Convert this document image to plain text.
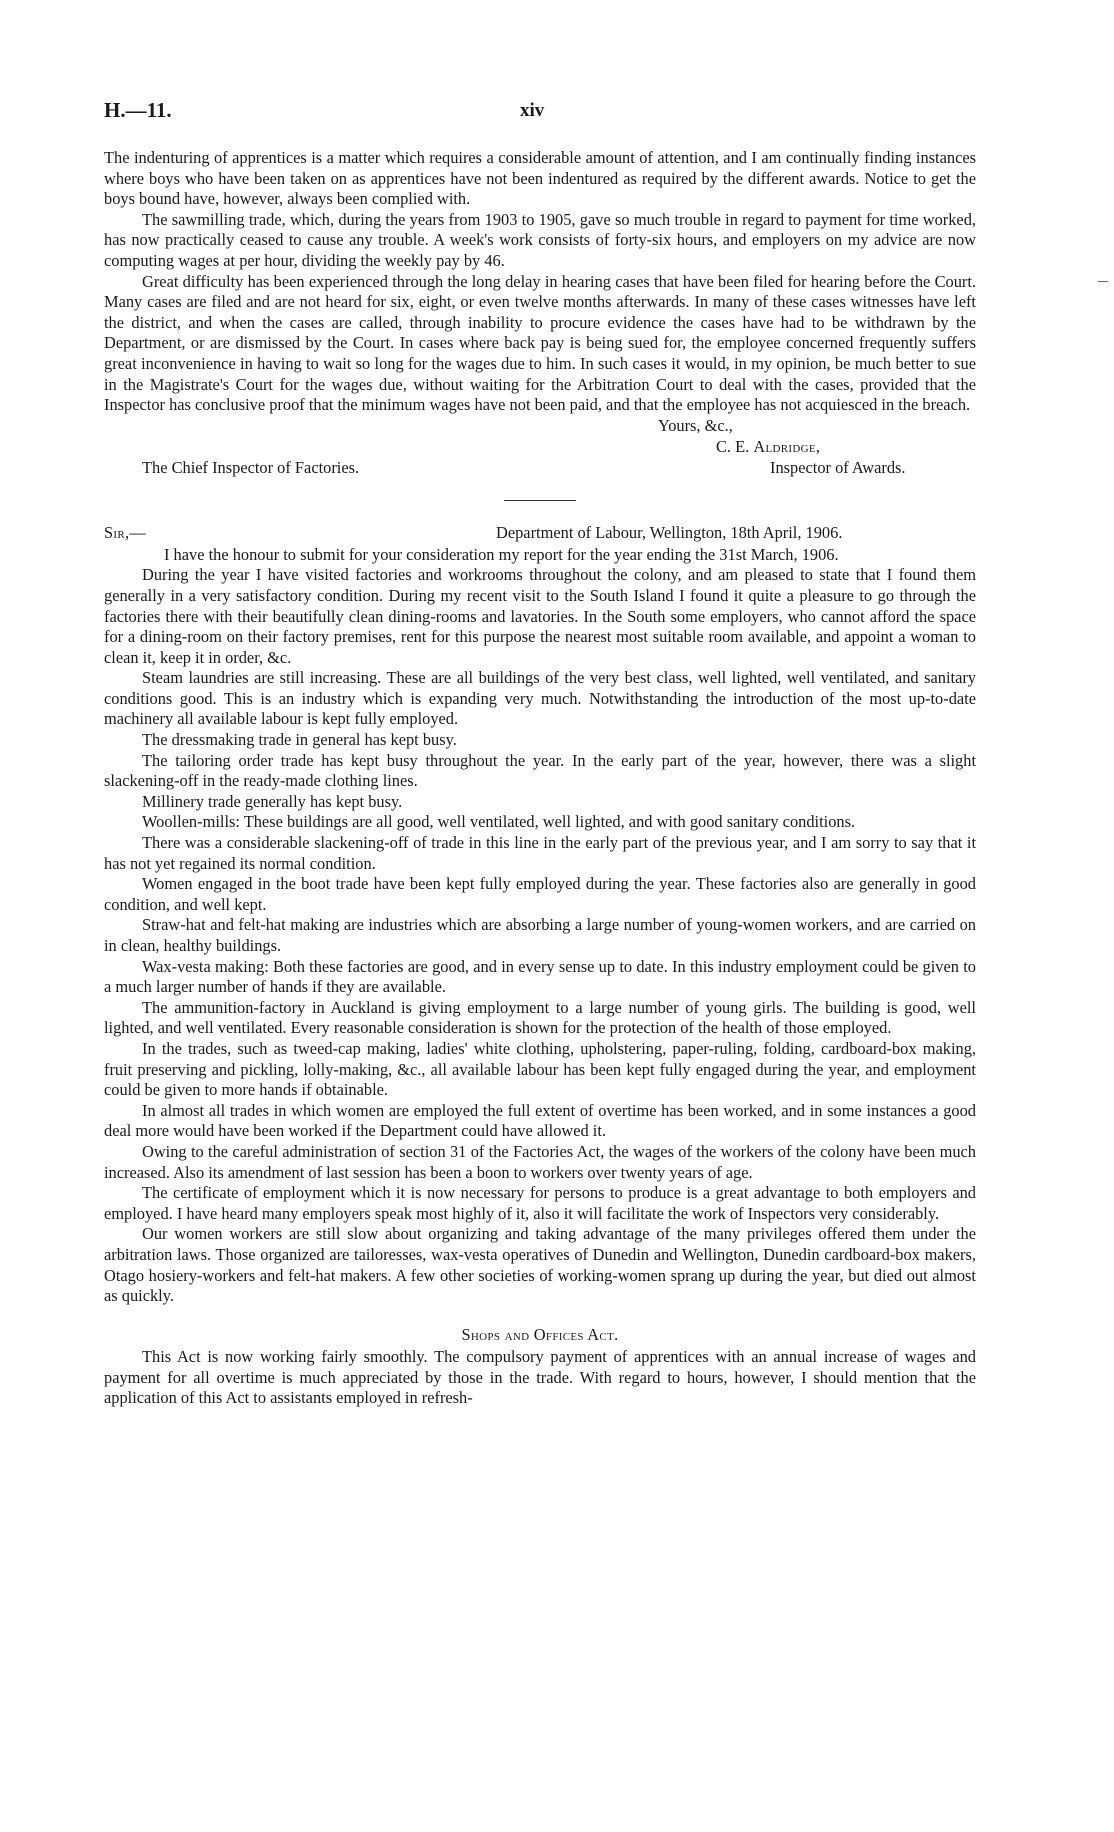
H.—11.	xiv

The indenturing of apprentices is a matter which requires a considerable amount of attention, and I am continually finding instances where boys who have been taken on as apprentices have not been indentured as required by the different awards. Notice to get the boys bound have, however, always been complied with.

The sawmilling trade, which, during the years from 1903 to 1905, gave so much trouble in regard to payment for time worked, has now practically ceased to cause any trouble. A week's work consists of forty-six hours, and employers on my advice are now computing wages at per hour, dividing the weekly pay by 46.

Great difficulty has been experienced through the long delay in hearing cases that have been filed for hearing before the Court. Many cases are filed and are not heard for six, eight, or even twelve months afterwards. In many of these cases witnesses have left the district, and when the cases are called, through inability to procure evidence the cases have had to be withdrawn by the Department, or are dismissed by the Court. In cases where back pay is being sued for, the employee concerned frequently suffers great inconvenience in having to wait so long for the wages due to him. In such cases it would, in my opinion, be much better to sue in the Magistrate's Court for the wages due, without waiting for the Arbitration Court to deal with the cases, provided that the Inspector has conclusive proof that the minimum wages have not been paid, and that the employee has not acquiesced in the breach.

Yours, &c.,
C. E. Aldridge,
The Chief Inspector of Factories.	Inspector of Awards.
Sir,—	Department of Labour, Wellington, 18th April, 1906.

I have the honour to submit for your consideration my report for the year ending the 31st March, 1906.

During the year I have visited factories and workrooms throughout the colony, and am pleased to state that I found them generally in a very satisfactory condition. During my recent visit to the South Island I found it quite a pleasure to go through the factories there with their beautifully clean dining-rooms and lavatories. In the South some employers, who cannot afford the space for a dining-room on their factory premises, rent for this purpose the nearest most suitable room available, and appoint a woman to clean it, keep it in order, &c.

Steam laundries are still increasing. These are all buildings of the very best class, well lighted, well ventilated, and sanitary conditions good. This is an industry which is expanding very much. Notwithstanding the introduction of the most up-to-date machinery all available labour is kept fully employed.

The dressmaking trade in general has kept busy.

The tailoring order trade has kept busy throughout the year. In the early part of the year, however, there was a slight slackening-off in the ready-made clothing lines.

Millinery trade generally has kept busy.

Woollen-mills: These buildings are all good, well ventilated, well lighted, and with good sanitary conditions.

There was a considerable slackening-off of trade in this line in the early part of the previous year, and I am sorry to say that it has not yet regained its normal condition.

Women engaged in the boot trade have been kept fully employed during the year. These factories also are generally in good condition, and well kept.

Straw-hat and felt-hat making are industries which are absorbing a large number of young-women workers, and are carried on in clean, healthy buildings.

Wax-vesta making: Both these factories are good, and in every sense up to date. In this industry employment could be given to a much larger number of hands if they are available.

The ammunition-factory in Auckland is giving employment to a large number of young girls. The building is good, well lighted, and well ventilated. Every reasonable consideration is shown for the protection of the health of those employed.

In the trades, such as tweed-cap making, ladies' white clothing, upholstering, paper-ruling, folding, cardboard-box making, fruit preserving and pickling, lolly-making, &c., all available labour has been kept fully engaged during the year, and employment could be given to more hands if obtainable.

In almost all trades in which women are employed the full extent of overtime has been worked, and in some instances a good deal more would have been worked if the Department could have allowed it.

Owing to the careful administration of section 31 of the Factories Act, the wages of the workers of the colony have been much increased. Also its amendment of last session has been a boon to workers over twenty years of age.

The certificate of employment which it is now necessary for persons to produce is a great advantage to both employers and employed. I have heard many employers speak most highly of it, also it will facilitate the work of Inspectors very considerably.

Our women workers are still slow about organizing and taking advantage of the many privileges offered them under the arbitration laws. Those organized are tailoresses, wax-vesta operatives of Dunedin and Wellington, Dunedin cardboard-box makers, Otago hosiery-workers and felt-hat makers. A few other societies of working-women sprang up during the year, but died out almost as quickly.

Shops and Offices Act.

This Act is now working fairly smoothly. The compulsory payment of apprentices with an annual increase of wages and payment for all overtime is much appreciated by those in the trade. With regard to hours, however, I should mention that the application of this Act to assistants employed in refresh-
